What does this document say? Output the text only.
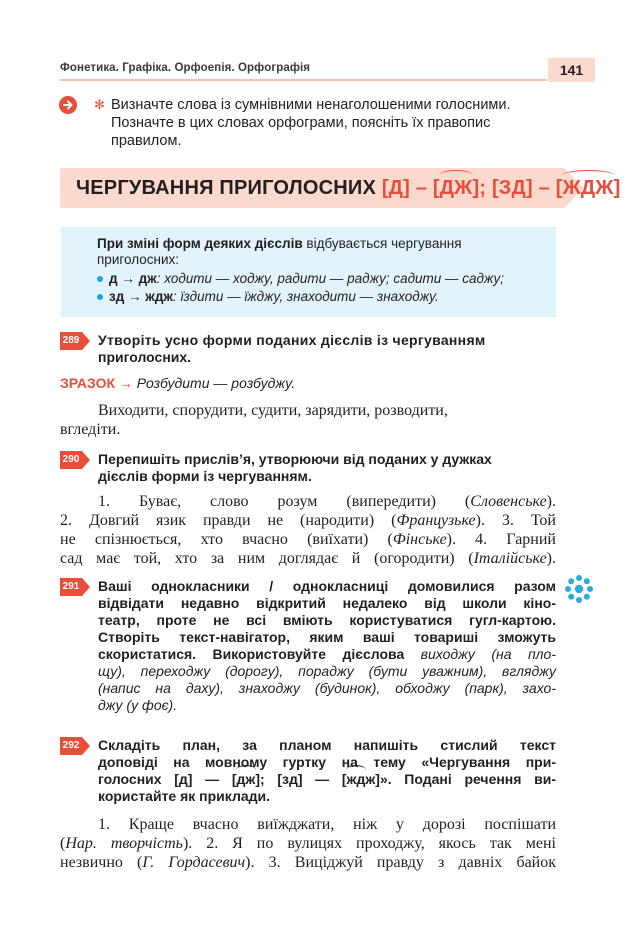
Фонетика. Графіка. Орфоепія. Орфографія	141
✻ Визначте слова із сумнівними ненаголошеними голосними. Позначте в цих словах орфограми, поясніть їх правопис правилом.
ЧЕРГУВАННЯ ПРИГОЛОСНИХ [Д] – [ДЖ]; [ЗД] – [ЖДЖ]
При зміні форм деяких дієслів відбувається чергування
приголосних:
д → дж: ходити — ходжу, радити — раджу; садити — саджу;
зд → ждж: їздити — їжджу, знаходити — знаходжу.
289 Утворіть усно форми поданих дієслів із чергуванням
приголосних.
ЗРАЗОК → Розбудити — розбуджу.
Виходити, спорудити, судити, зарядити, розводити,
вгледіти.
290 Перепишіть прислів’я, утворюючи від поданих у дужках
дієслів форми із чергуванням.
1. Буває, слово розум (випередити) (Словенське).
2. Довгий язик правди не (народити) (Французьке). 3. Той
не спізнюється, хто вчасно (виїхати) (Фінське). 4. Гарний
сад має той, хто за ним доглядає й (огородити) (Італійське).
291 Ваші однокласники / однокласниці домовилися разом
відвідати недавно відкритий недалеко від школи кіно-
театр, проте не всі вміють користуватися гугл-картою.
Створіть текст-навігатор, яким ваші товариші зможуть
скористатися. Використовуйте дієслова виходжу (на пло-
щу), переходжу (дорогу), пораджу (бути уважним), вгляджу
(напис на даху), знаходжу (будинок), обходжу (парк), захо-
джу (у фоє).
292 Складіть план, за планом напишіть стислий текст
доповіді на мовному гуртку на тему «Чергування при-
голосних [д] — [дж]; [зд] — [ждж]». Подані речення ви-
користайте як приклади.
1. Краще вчасно виїжджати, ніж у дорозі поспішати
(Нар. творчість). 2. Я по вулицях проходжу, якось так мені
незвично (Г. Гордасевич). 3. Виціджуй правду з давніх байок
